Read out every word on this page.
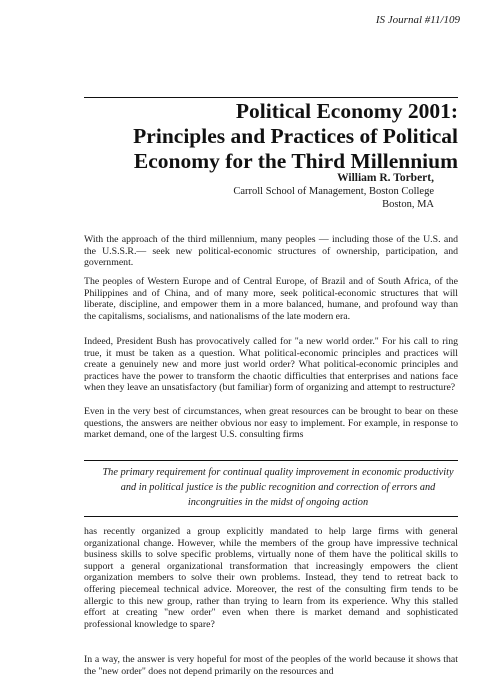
IS Journal #11/109
Political Economy 2001:
Principles and Practices of Political
Economy for the Third Millennium
William R. Torbert,
Carroll School of Management, Boston College
Boston, MA

With the approach of the third millennium, many peoples — including those of the U.S. and the U.S.S.R.— seek new political-economic structures of ownership, participation, and government.

The peoples of Western Europe and of Central Europe, of Brazil and of South Africa, of the Philippines and of China, and of many more, seek political-economic structures that will liberate, discipline, and empower them in a more balanced, humane, and profound way than the capitalisms, socialisms, and nationalisms of the late modern era.

Indeed, President Bush has provocatively called for "a new world order." For his call to ring true, it must be taken as a question. What political-economic principles and practices will create a genuinely new and more just world order? What political-economic principles and practices have the power to transform the chaotic difficulties that enterprises and nations face when they leave an unsatisfactory (but familiar) form of organizing and attempt to restructure?

Even in the very best of circumstances, when great resources can be brought to bear on these questions, the answers are neither obvious nor easy to implement. For example, in response to market demand, one of the largest U.S. consulting firms

The primary requirement for continual quality improvement in economic productivity and in political justice is the public recognition and correction of errors and incongruities in the midst of ongoing action

has recently organized a group explicitly mandated to help large firms with general organizational change. However, while the members of the group have impressive technical business skills to solve specific problems, virtually none of them have the political skills to support a general organizational transformation that increasingly empowers the client organization members to solve their own problems. Instead, they tend to retreat back to offering piecemeal technical advice. Moreover, the rest of the consulting firm tends to be allergic to this new group, rather than trying to learn from its experience. Why this stalled effort at creating "new order" even when there is market demand and sophisticated professional knowledge to spare?

In a way, the answer is very hopeful for most of the peoples of the world because it shows that the "new order" does not depend primarily on the resources and
